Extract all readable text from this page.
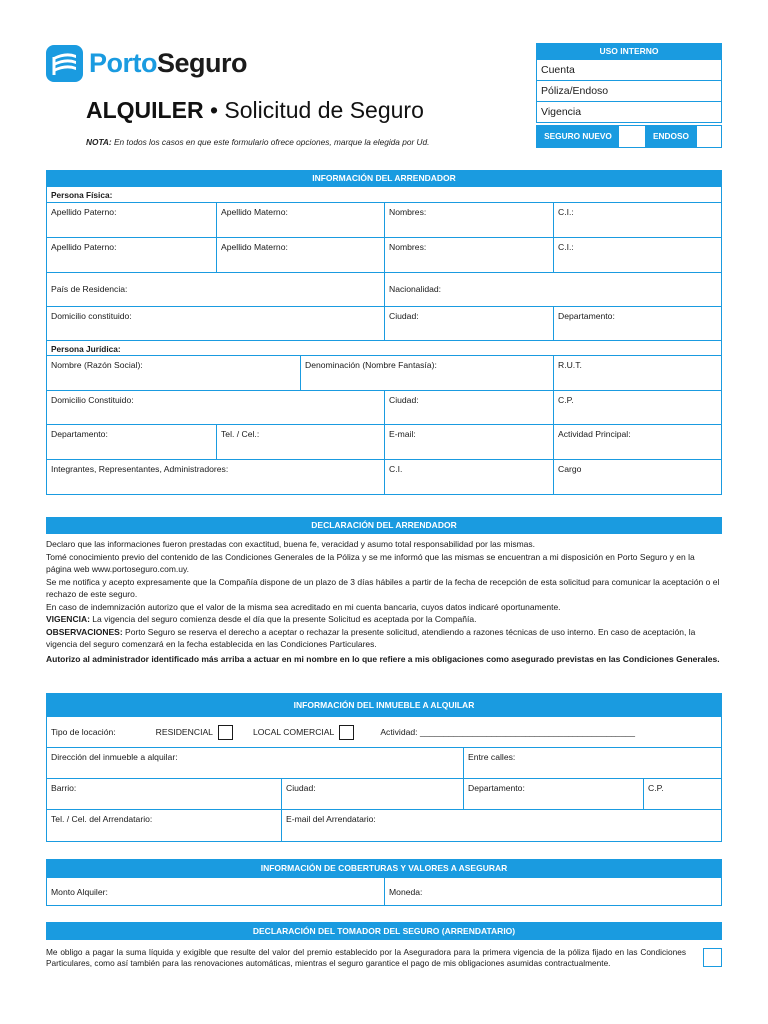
PortoSeguro
ALQUILER • Solicitud de Seguro
NOTA: En todos los casos en que este formulario ofrece opciones, marque la elegida por Ud.
USO INTERNO
Cuenta
Póliza/Endoso
Vigencia
SEGURO NUEVO	ENDOSO
INFORMACIÓN DEL ARRENDADOR
Persona Física:
Apellido Paterno:	Apellido Materno:	Nombres:	C.I.:
Apellido Paterno:	Apellido Materno:	Nombres:	C.I.:
País de Residencia:	Nacionalidad:
Domicilio constituido:	Ciudad:	Departamento:
Persona Jurídica:
Nombre (Razón Social):	Denominación (Nombre Fantasía):	R.U.T.
Domicilio Constituido:	Ciudad:	C.P.
Departamento:	Tel. / Cel.:	E-mail:	Actividad Principal:
Integrantes, Representantes, Administradores:	C.I.	Cargo
DECLARACIÓN DEL ARRENDADOR

Declaro que las informaciones fueron prestadas con exactitud, buena fe, veracidad y asumo total responsabilidad por las mismas.

Tomé conocimiento previo del contenido de las Condiciones Generales de la Póliza y se me informó que las mismas se encuentran a mi disposición en Porto Seguro y en la página web www.portoseguro.com.uy.

Se me notifica y acepto expresamente que la Compañía dispone de un plazo de 3 días hábiles a partir de la fecha de recepción de esta solicitud para comunicar la aceptación o el rechazo de este seguro.

En caso de indemnización autorizo que el valor de la misma sea acreditado en mi cuenta bancaria, cuyos datos indicaré oportunamente.

VIGENCIA: La vigencia del seguro comienza desde el día que la presente Solicitud es aceptada por la Compañía.

OBSERVACIONES: Porto Seguro se reserva el derecho a aceptar o rechazar la presente solicitud, atendiendo a razones técnicas de uso interno. En caso de aceptación, la vigencia del seguro comenzará en la fecha establecida en las Condiciones Particulares.

Autorizo al administrador identificado más arriba a actuar en mi nombre en lo que refiere a mis obligaciones como asegurado previstas en las Condiciones Generales.

INFORMACIÓN DEL INMUEBLE A ALQUILAR
Tipo de locación:	RESIDENCIAL	LOCAL COMERCIAL	Actividad: _____________________________________________
Dirección del inmueble a alquilar:	Entre calles:
Barrio:	Ciudad:	Departamento:	C.P.
Tel. / Cel. del Arrendatario:	E-mail del Arrendatario:
INFORMACIÓN DE COBERTURAS Y VALORES A ASEGURAR
Monto Alquiler:	Moneda:
DECLARACIÓN DEL TOMADOR DEL SEGURO (ARRENDATARIO)
Me obligo a pagar la suma líquida y exigible que resulte del valor del premio establecido por la Aseguradora para la primera vigencia de la póliza fijado en las Condiciones Particulares, como así también para las renovaciones automáticas, mientras el seguro garantice el pago de mis obligaciones asumidas contractualmente.
